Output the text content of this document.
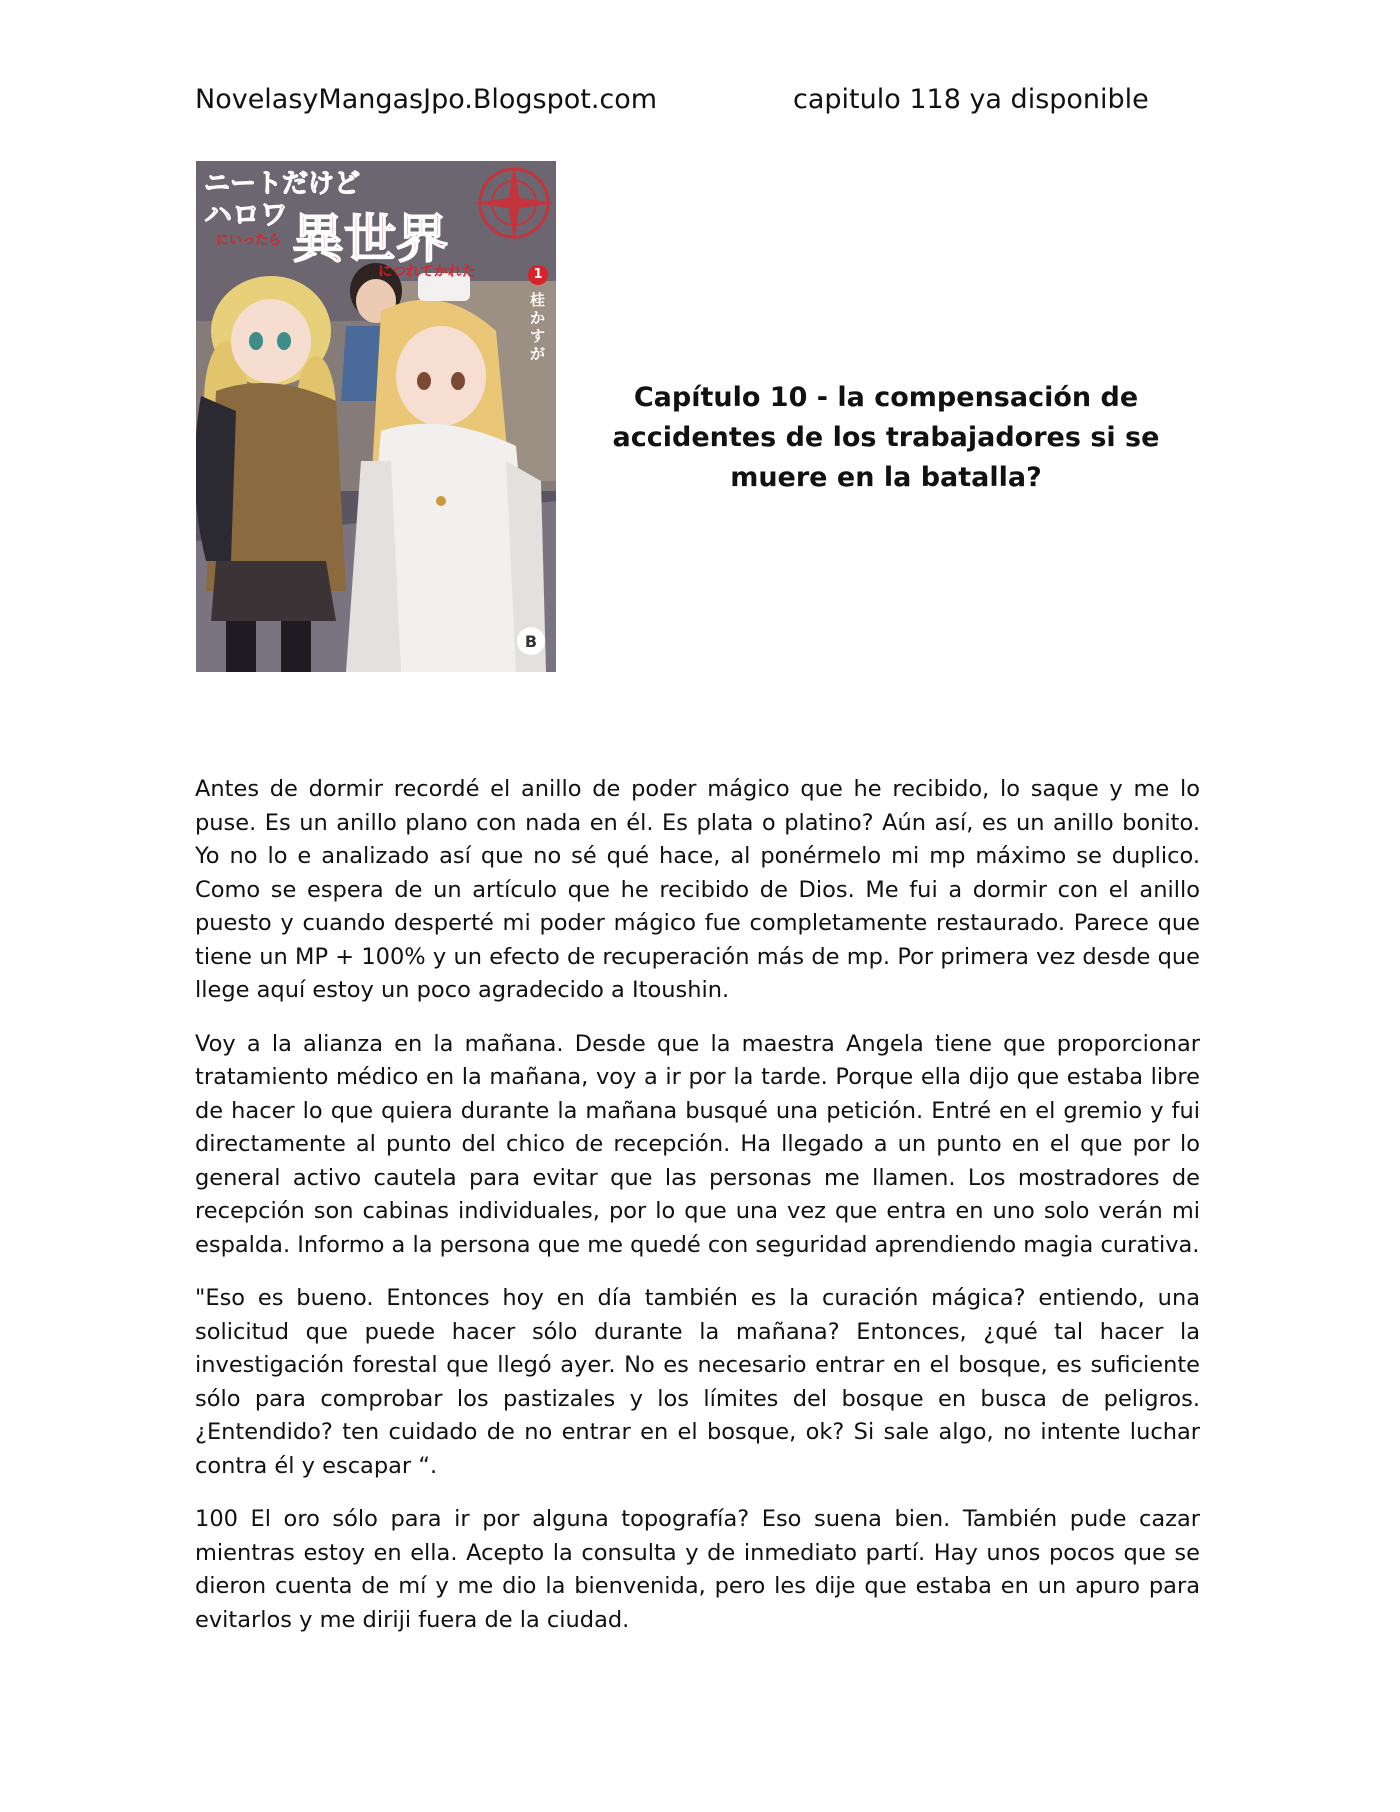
NovelasyMangasJpo.Blogspot.com	capitulo 118 ya disponible
B
ニートだけど
ハロワ
にいったら 異世界
につれてかれた	1
桂かすが
Capítulo 10 - la compensación de accidentes de los trabajadores si se muere en la batalla?

Antes de dormir recordé el anillo de poder mágico que he recibido, lo saque y me lo puse. Es un anillo plano con nada en él. Es plata o platino? Aún así, es un anillo bonito. Yo no lo e analizado así que no sé qué hace, al ponérmelo mi mp máximo se duplico. Como se espera de un artículo que he recibido de Dios. Me fui a dormir con el anillo puesto y cuando desperté mi poder mágico fue completamente restaurado. Parece que tiene un MP + 100% y un efecto de recuperación más de mp. Por primera vez desde que llege aquí estoy un poco agradecido a Itoushin.

Voy a la alianza en la mañana. Desde que la maestra Angela tiene que proporcionar tratamiento médico en la mañana, voy a ir por la tarde. Porque ella dijo que estaba libre de hacer lo que quiera durante la mañana busqué una petición. Entré en el gremio y fui directamente al punto del chico de recepción. Ha llegado a un punto en el que por lo general activo cautela para evitar que las personas me llamen. Los mostradores de recepción son cabinas individuales, por lo que una vez que entra en uno solo verán mi espalda. Informo a la persona que me quedé con seguridad aprendiendo magia curativa.

"Eso es bueno. Entonces hoy en día también es la curación mágica? entiendo, una solicitud que puede hacer sólo durante la mañana? Entonces, ¿qué tal hacer la investigación forestal que llegó ayer. No es necesario entrar en el bosque, es suficiente sólo para comprobar los pastizales y los límites del bosque en busca de peligros. ¿Entendido? ten cuidado de no entrar en el bosque, ok? Si sale algo, no intente luchar contra él y escapar “.

100 El oro sólo para ir por alguna topografía? Eso suena bien. También pude cazar mientras estoy en ella. Acepto la consulta y de inmediato partí. Hay unos pocos que se dieron cuenta de mí y me dio la bienvenida, pero les dije que estaba en un apuro para evitarlos y me diriji fuera de la ciudad.
